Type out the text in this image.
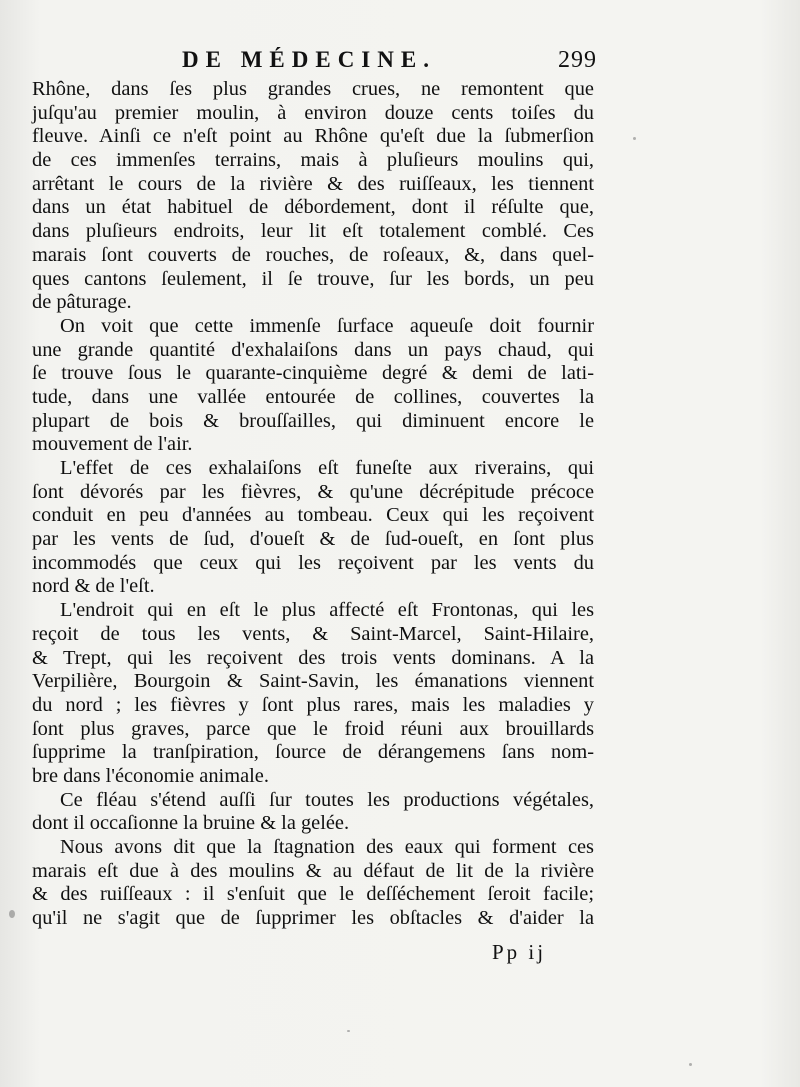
DE MÉDECINE.	299
Rhône, dans ſes plus grandes crues, ne remontent que
juſqu'au premier moulin, à environ douze cents toiſes du
fleuve. Ainſi ce n'eſt point au Rhône qu'eſt due la ſubmerſion
de ces immenſes terrains, mais à pluſieurs moulins qui,
arrêtant le cours de la rivière & des ruiſſeaux, les tiennent
dans un état habituel de débordement, dont il réſulte que,
dans pluſieurs endroits, leur lit eſt totalement comblé. Ces
marais ſont couverts de rouches, de roſeaux, &, dans quel-
ques cantons ſeulement, il ſe trouve, ſur les bords, un peu
de pâturage.
On voit que cette immenſe ſurface aqueuſe doit fournir
une grande quantité d'exhalaiſons dans un pays chaud, qui
ſe trouve ſous le quarante-cinquième degré & demi de lati-
tude, dans une vallée entourée de collines, couvertes la
plupart de bois & brouſſailles, qui diminuent encore le
mouvement de l'air.
L'effet de ces exhalaiſons eſt funeſte aux riverains, qui
ſont dévorés par les fièvres, & qu'une décrépitude précoce
conduit en peu d'années au tombeau. Ceux qui les reçoivent
par les vents de ſud, d'oueſt & de ſud-oueſt, en ſont plus
incommodés que ceux qui les reçoivent par les vents du
nord & de l'eſt.
L'endroit qui en eſt le plus affecté eſt Frontonas, qui les
reçoit de tous les vents, & Saint-Marcel, Saint-Hilaire,
& Trept, qui les reçoivent des trois vents dominans. A la
Verpilière, Bourgoin & Saint-Savin, les émanations viennent
du nord ; les fièvres y ſont plus rares, mais les maladies y
ſont plus graves, parce que le froid réuni aux brouillards
ſupprime la tranſpiration, ſource de dérangemens ſans nom-
bre dans l'économie animale.
Ce fléau s'étend auſſi ſur toutes les productions végétales,
dont il occaſionne la bruine & la gelée.
Nous avons dit que la ſtagnation des eaux qui forment ces
marais eſt due à des moulins & au défaut de lit de la rivière
& des ruiſſeaux : il s'enſuit que le deſſéchement ſeroit facile;
qu'il ne s'agit que de ſupprimer les obſtacles & d'aider la
Pp ij
